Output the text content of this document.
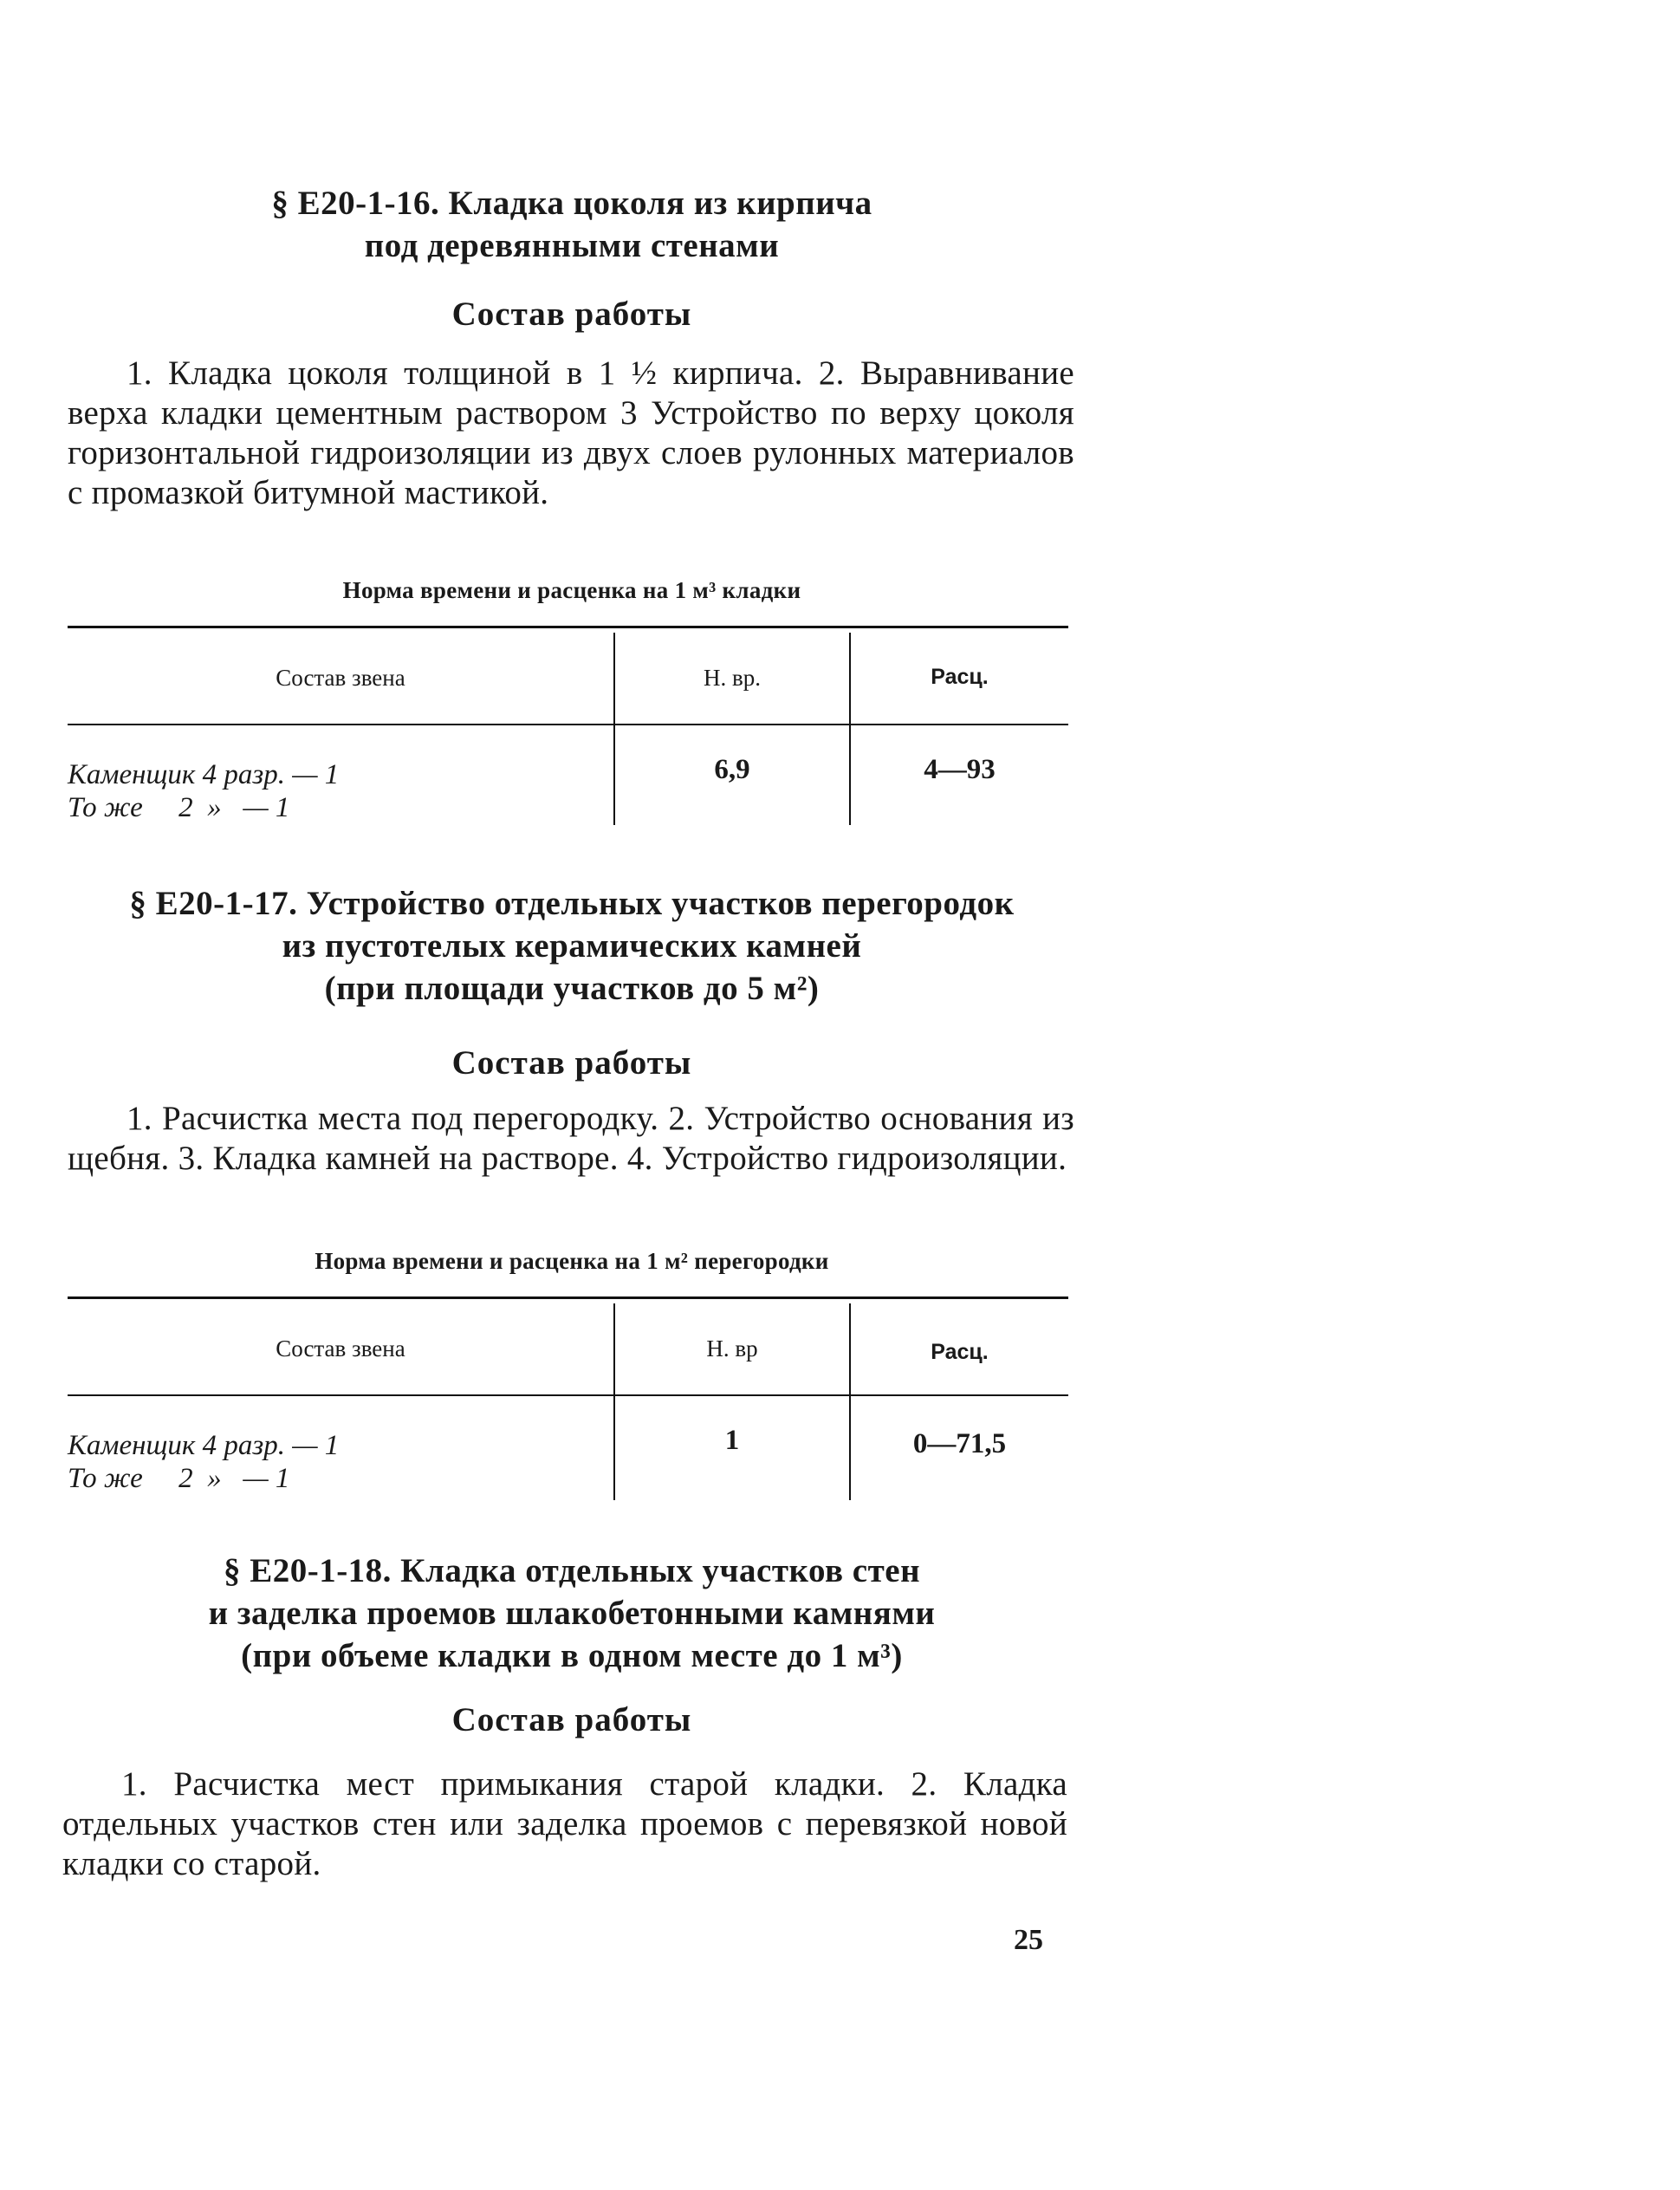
§ Е20-1-16. Кладка цоколя из кирпича
под деревянными стенами
Состав работы
1. Кладка цоколя толщиной в 1 ½ кирпича. 2. Выравнивание верха кладки цементным раствором 3 Устройство по верху цоколя горизонтальной гидроизоляции из двух слоев рулонных материалов с промазкой битумной мастикой.
Норма времени и расценка на 1 м³ кладки
Состав звена	Н. вр.	Расц.
Каменщик 4 разр. — 1
То же     2  »   — 1
6,9	4—93
§ Е20-1-17. Устройство отдельных участков перегородок
из пустотелых керамических камней
(при площади участков до 5 м²)
Состав работы
1. Расчистка места под перегородку. 2. Устройство основания из щебня. 3. Кладка камней на растворе. 4. Устройство гидроизоляции.
Норма времени и расценка на 1 м² перегородки
Состав звена	Н. вр	Расц.
Каменщик 4 разр. — 1
То же     2  »   — 1
1	0—71,5
§ Е20-1-18. Кладка отдельных участков стен
и заделка проемов шлакобетонными камнями
(при объеме кладки в одном месте до 1 м³)
Состав работы
1. Расчистка мест примыкания старой кладки. 2. Кладка отдельных участков стен или заделка проемов с перевязкой новой кладки со старой.
25
